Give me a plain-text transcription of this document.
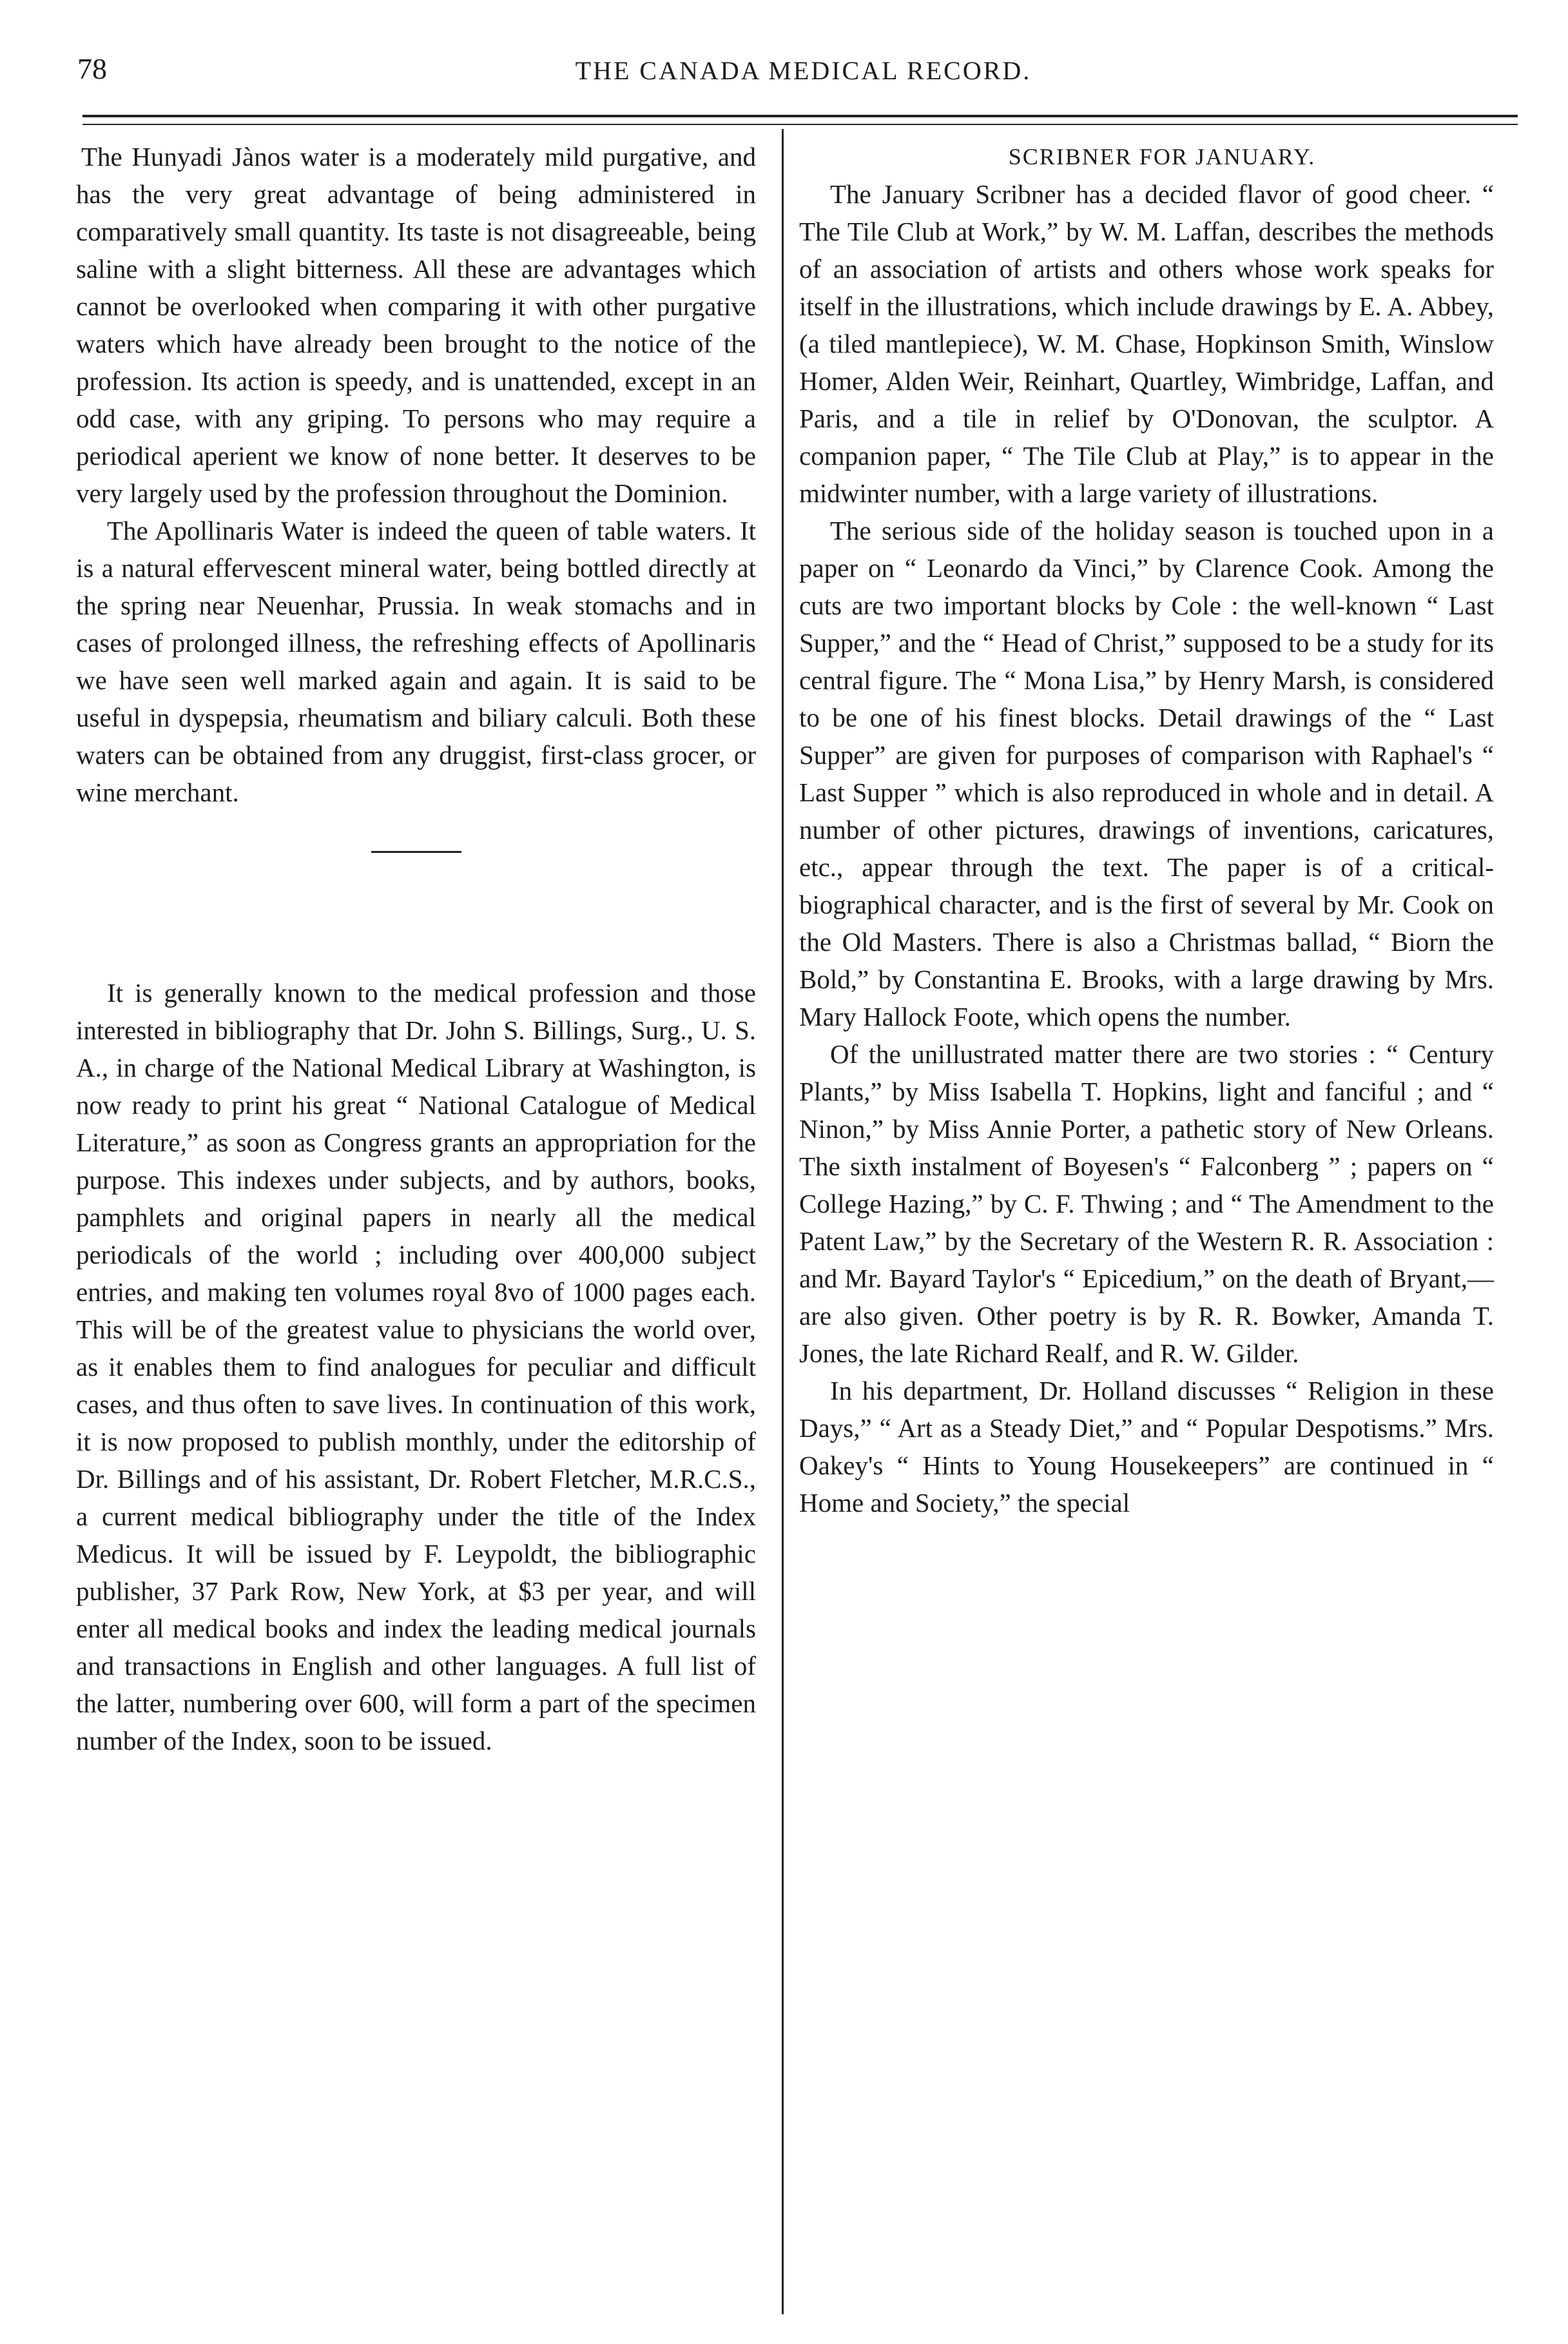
78	THE CANADA MEDICAL RECORD.

The Hunyadi Jànos water is a moderately mild purgative, and has the very great advantage of being administered in comparatively small quantity. Its taste is not disagreeable, being saline with a slight bitterness. All these are advantages which cannot be overlooked when comparing it with other purgative waters which have already been brought to the notice of the profession. Its action is speedy, and is unattended, except in an odd case, with any griping. To persons who may require a periodical aperient we know of none better. It deserves to be very largely used by the profession throughout the Dominion.

The Apollinaris Water is indeed the queen of table waters. It is a natural effervescent mineral water, being bottled directly at the spring near Neuenhar, Prussia. In weak stomachs and in cases of prolonged illness, the refreshing effects of Apollinaris we have seen well marked again and again. It is said to be useful in dyspepsia, rheumatism and biliary calculi. Both these waters can be obtained from any druggist, first-class grocer, or wine merchant.

It is generally known to the medical profession and those interested in bibliography that Dr. John S. Billings, Surg., U. S. A., in charge of the National Medical Library at Washington, is now ready to print his great “ National Catalogue of Medical Literature,” as soon as Congress grants an appropriation for the purpose. This indexes under subjects, and by authors, books, pamphlets and original papers in nearly all the medical periodicals of the world ; including over 400,000 subject entries, and making ten volumes royal 8vo of 1000 pages each. This will be of the greatest value to physicians the world over, as it enables them to find analogues for peculiar and difficult cases, and thus often to save lives. In continuation of this work, it is now proposed to publish monthly, under the editorship of Dr. Billings and of his assistant, Dr. Robert Fletcher, M.R.C.S., a current medical bibliography under the title of the Index Medicus. It will be issued by F. Leypoldt, the bibliographic publisher, 37 Park Row, New York, at $3 per year, and will enter all medical books and index the leading medical journals and transactions in English and other languages. A full list of the latter, numbering over 600, will form a part of the specimen number of the Index, soon to be issued.

SCRIBNER FOR JANUARY.

The January Scribner has a decided flavor of good cheer. “ The Tile Club at Work,” by W. M. Laffan, describes the methods of an association of artists and others whose work speaks for itself in the illustrations, which include drawings by E. A. Abbey, (a tiled mantlepiece), W. M. Chase, Hopkinson Smith, Winslow Homer, Alden Weir, Reinhart, Quartley, Wimbridge, Laffan, and Paris, and a tile in relief by O'Donovan, the sculptor. A companion paper, “ The Tile Club at Play,” is to appear in the midwinter number, with a large variety of illustrations.

The serious side of the holiday season is touched upon in a paper on “ Leonardo da Vinci,” by Clarence Cook. Among the cuts are two important blocks by Cole : the well-known “ Last Supper,” and the “ Head of Christ,” supposed to be a study for its central figure. The “ Mona Lisa,” by Henry Marsh, is considered to be one of his finest blocks. Detail drawings of the “ Last Supper” are given for purposes of comparison with Raphael's “ Last Supper ” which is also reproduced in whole and in detail. A number of other pictures, drawings of inventions, caricatures, etc., appear through the text. The paper is of a critical-biographical character, and is the first of several by Mr. Cook on the Old Masters. There is also a Christmas ballad, “ Biorn the Bold,” by Constantina E. Brooks, with a large drawing by Mrs. Mary Hallock Foote, which opens the number.

Of the unillustrated matter there are two stories : “ Century Plants,” by Miss Isabella T. Hopkins, light and fanciful ; and “ Ninon,” by Miss Annie Porter, a pathetic story of New Orleans. The sixth instalment of Boyesen's “ Falconberg ” ; papers on “ College Hazing,” by C. F. Thwing ; and “ The Amendment to the Patent Law,” by the Secretary of the Western R. R. Association : and Mr. Bayard Taylor's “ Epicedium,” on the death of Bryant,—are also given. Other poetry is by R. R. Bowker, Amanda T. Jones, the late Richard Realf, and R. W. Gilder.

In his department, Dr. Holland discusses “ Religion in these Days,” “ Art as a Steady Diet,” and “ Popular Despotisms.” Mrs. Oakey's “ Hints to Young Housekeepers” are continued in “ Home and Society,” the special
